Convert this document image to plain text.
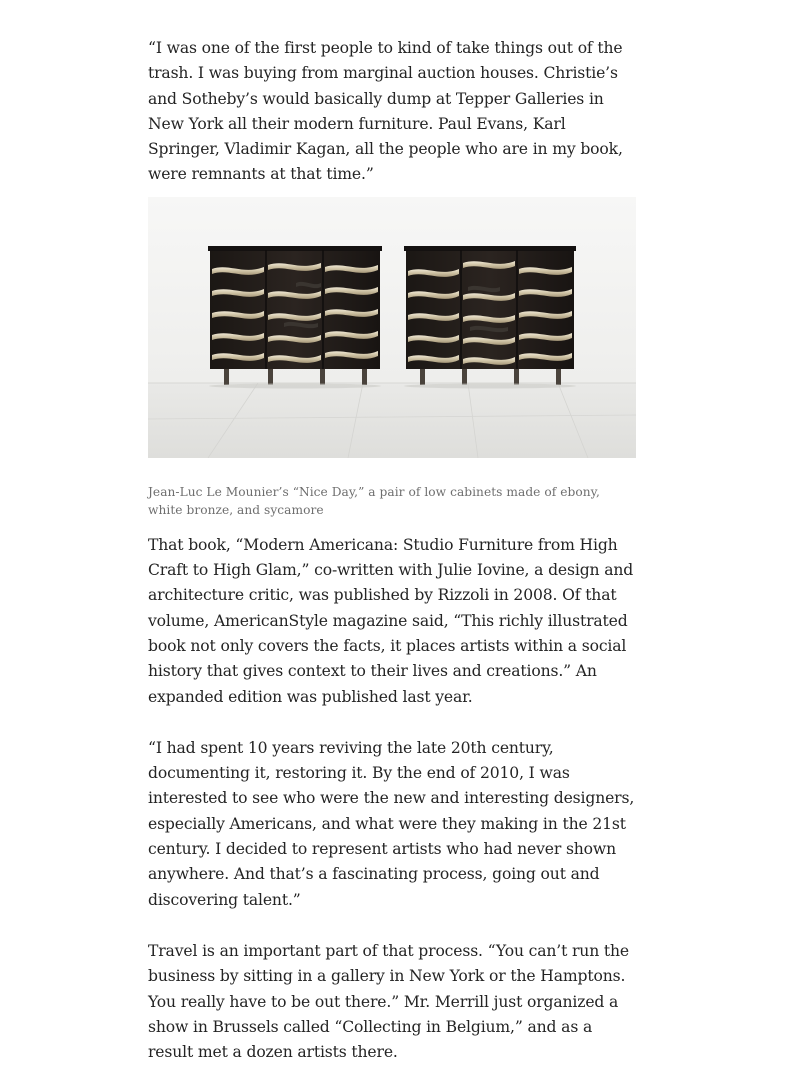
“I was one of the first people to kind of take things out of the trash. I was buying from marginal auction houses. Christie’s and Sotheby’s would basically dump at Tepper Galleries in New York all their modern furniture. Paul Evans, Karl Springer, Vladimir Kagan, all the people who are in my book, were remnants at that time.”

Jean-Luc Le Mounier’s “Nice Day,” a pair of low cabinets made of ebony, white bronze, and sycamore

That book, “Modern Americana: Studio Furniture from High Craft to High Glam,” co-written with Julie Iovine, a design and architecture critic, was published by Rizzoli in 2008. Of that volume, AmericanStyle magazine said, “This richly illustrated book not only covers the facts, it places artists within a social history that gives context to their lives and creations.” An expanded edition was published last year.

“I had spent 10 years reviving the late 20th century, documenting it, restoring it. By the end of 2010, I was interested to see who were the new and interesting designers, especially Americans, and what were they making in the 21st century. I decided to represent artists who had never shown anywhere. And that’s a fascinating process, going out and discovering talent.”

Travel is an important part of that process. “You can’t run the business by sitting in a gallery in New York or the Hamptons. You really have to be out there.” Mr. Merrill just organized a show in Brussels called “Collecting in Belgium,” and as a result met a dozen artists there.
